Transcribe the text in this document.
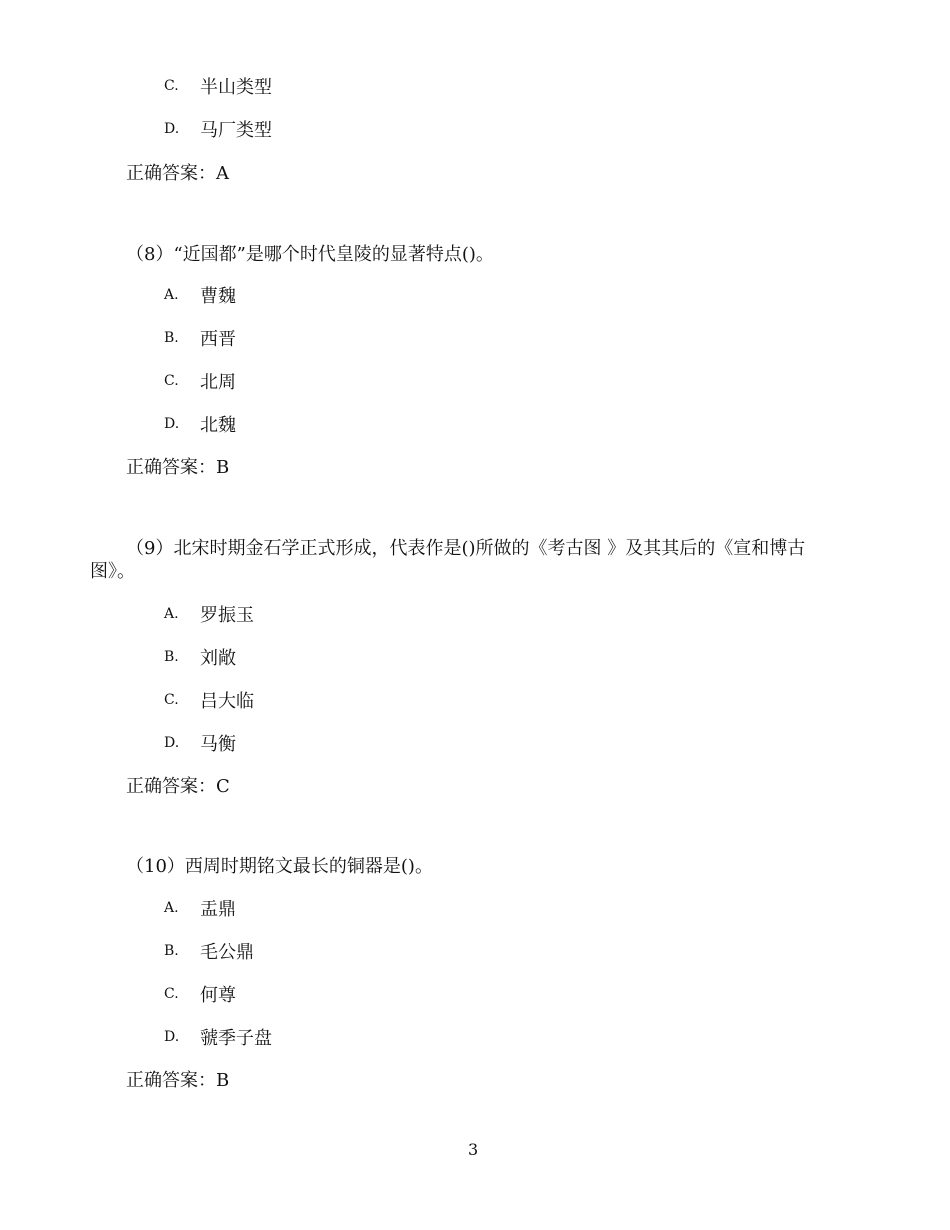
C. 半山类型
D. 马厂类型
正确答案：A
（8）“近国都”是哪个时代皇陵的显著特点()。
A. 曹魏
B. 西晋
C. 北周
D. 北魏
正确答案：B
（9）北宋时期金石学正式形成，代表作是()所做的《考古图 》及其其后的《宣和博古
图》。
A. 罗振玉
B. 刘敞
C. 吕大临
D. 马衡
正确答案：C
（10）西周时期铭文最长的铜器是()。
A. 盂鼎
B. 毛公鼎
C. 何尊
D. 虢季子盘
正确答案：B
3
